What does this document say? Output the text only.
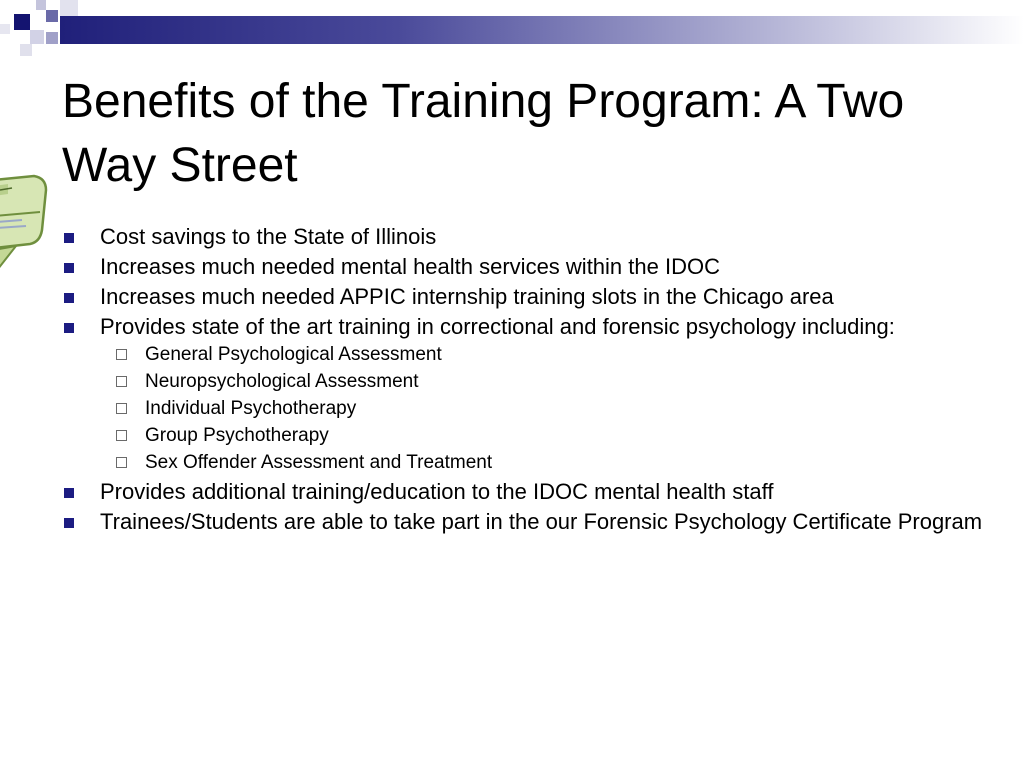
Benefits of the Training Program: A Two Way Street
Cost savings to the State of Illinois
Increases much needed mental health services within the IDOC
Increases much needed APPIC internship training slots in the Chicago area
Provides state of the art training in correctional and forensic psychology including:
General Psychological Assessment
Neuropsychological Assessment
Individual Psychotherapy
Group Psychotherapy
Sex Offender Assessment and Treatment
Provides additional training/education to the IDOC mental health staff
Trainees/Students are able to take part in the our Forensic Psychology Certificate Program
